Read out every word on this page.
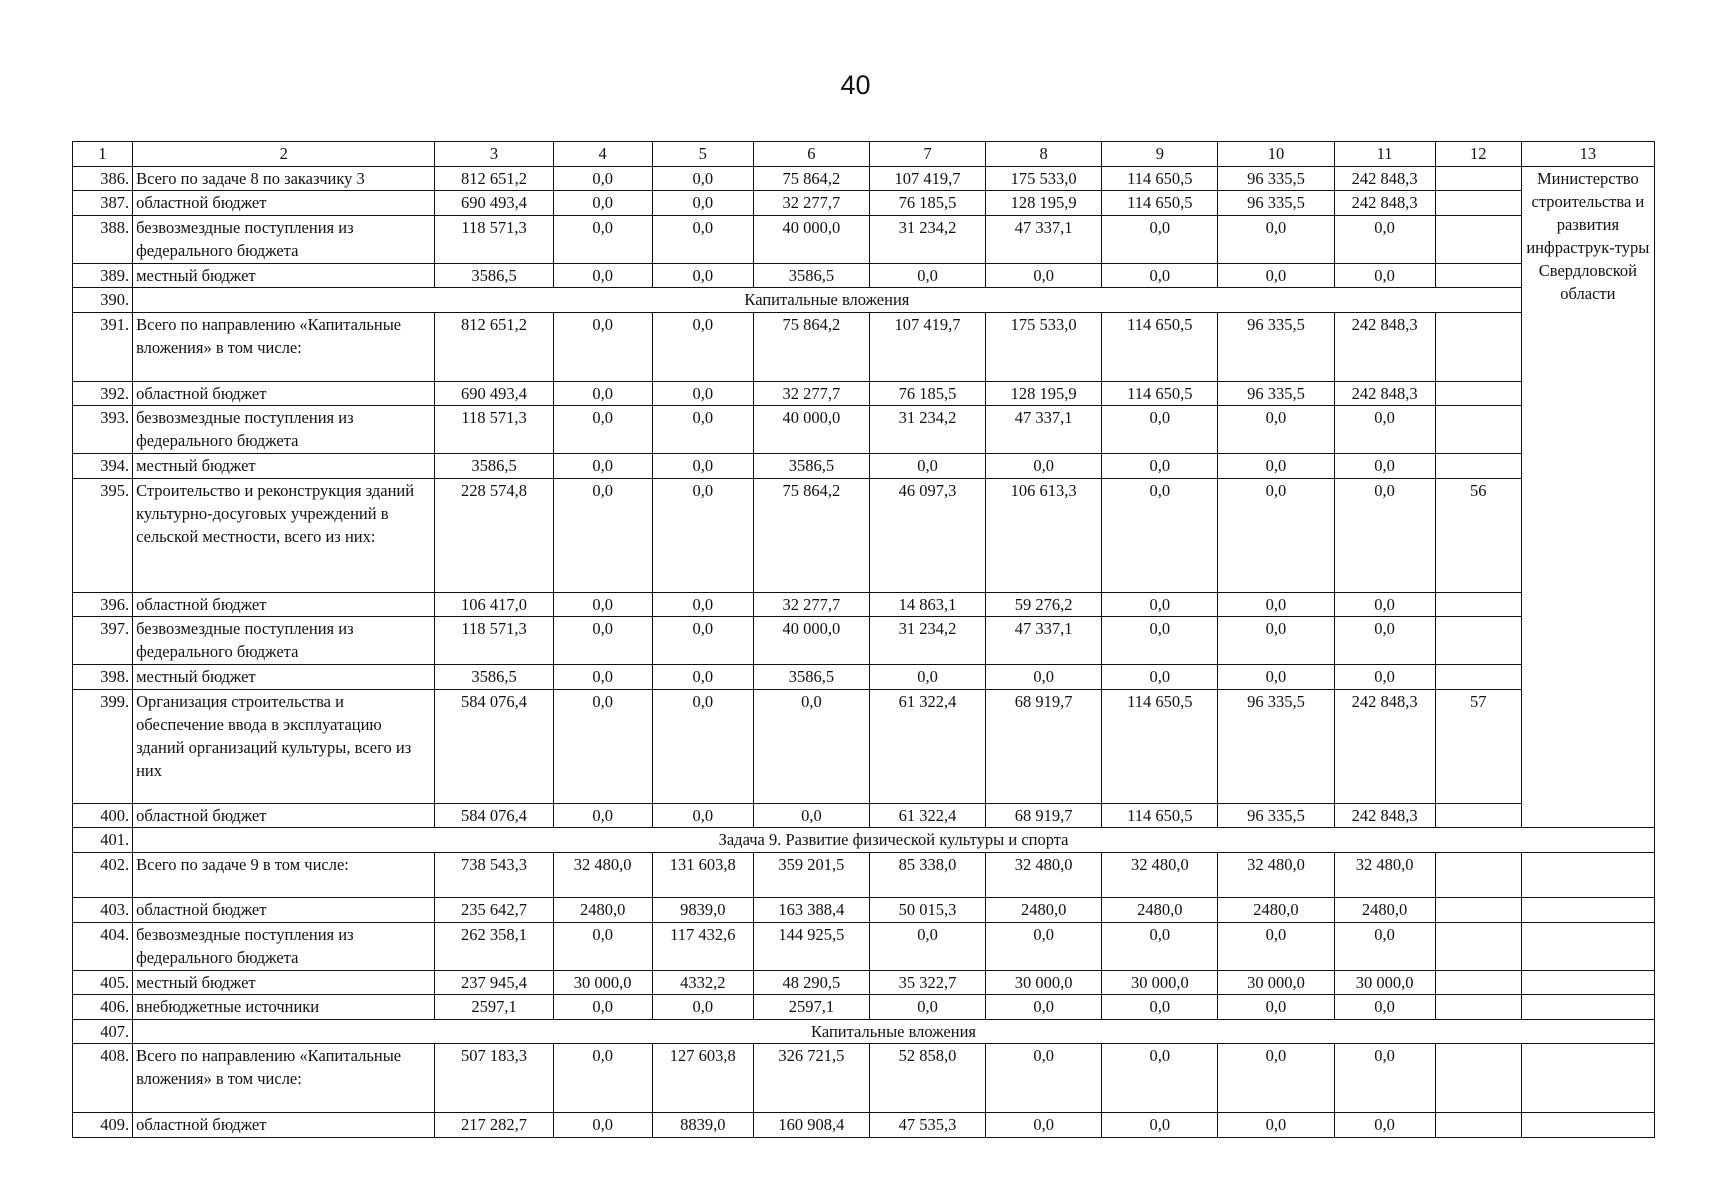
40
1	2	3	4	5	6	7	8	9	10	11	12	13
386.	Всего по задаче 8 по заказчику 3	812 651,2	0,0	0,0	75 864,2	107 419,7	175 533,0	114 650,5	96 335,5	242 848,3		Министерство строительства и развития инфраструк-туры Свердловской области
387.	областной бюджет	690 493,4	0,0	0,0	32 277,7	76 185,5	128 195,9	114 650,5	96 335,5	242 848,3		
388.	безвозмездные поступления из федерального бюджета	118 571,3	0,0	0,0	40 000,0	31 234,2	47 337,1	0,0	0,0	0,0		
389.	местный бюджет	3586,5	0,0	0,0	3586,5	0,0	0,0	0,0	0,0	0,0		
390.	Капитальные вложения											
391.	Всего по направлению «Капитальные вложения» в том числе:	812 651,2	0,0	0,0	75 864,2	107 419,7	175 533,0	114 650,5	96 335,5	242 848,3		
392.	областной бюджет	690 493,4	0,0	0,0	32 277,7	76 185,5	128 195,9	114 650,5	96 335,5	242 848,3		
393.	безвозмездные поступления из федерального бюджета	118 571,3	0,0	0,0	40 000,0	31 234,2	47 337,1	0,0	0,0	0,0		
394.	местный бюджет	3586,5	0,0	0,0	3586,5	0,0	0,0	0,0	0,0	0,0		
395.	Строительство и реконструкция зданий культурно-досуговых учреждений в сельской местности, всего из них:	228 574,8	0,0	0,0	75 864,2	46 097,3	106 613,3	0,0	0,0	0,0	56	
396.	областной бюджет	106 417,0	0,0	0,0	32 277,7	14 863,1	59 276,2	0,0	0,0	0,0		
397.	безвозмездные поступления из федерального бюджета	118 571,3	0,0	0,0	40 000,0	31 234,2	47 337,1	0,0	0,0	0,0		
398.	местный бюджет	3586,5	0,0	0,0	3586,5	0,0	0,0	0,0	0,0	0,0		
399.	Организация строительства и обеспечение ввода в эксплуатацию зданий организаций культуры, всего из них	584 076,4	0,0	0,0	0,0	61 322,4	68 919,7	114 650,5	96 335,5	242 848,3	57	
400.	областной бюджет	584 076,4	0,0	0,0	0,0	61 322,4	68 919,7	114 650,5	96 335,5	242 848,3		
401.	Задача 9. Развитие физической культуры и спорта											
402.	Всего по задаче 9 в том числе:	738 543,3	32 480,0	131 603,8	359 201,5	85 338,0	32 480,0	32 480,0	32 480,0	32 480,0		
403.	областной бюджет	235 642,7	2480,0	9839,0	163 388,4	50 015,3	2480,0	2480,0	2480,0	2480,0		
404.	безвозмездные поступления из федерального бюджета	262 358,1	0,0	117 432,6	144 925,5	0,0	0,0	0,0	0,0	0,0		
405.	местный бюджет	237 945,4	30 000,0	4332,2	48 290,5	35 322,7	30 000,0	30 000,0	30 000,0	30 000,0		
406.	внебюджетные источники	2597,1	0,0	0,0	2597,1	0,0	0,0	0,0	0,0	0,0		
407.	Капитальные вложения											
408.	Всего по направлению «Капитальные вложения» в том числе:	507 183,3	0,0	127 603,8	326 721,5	52 858,0	0,0	0,0	0,0	0,0		
409.	областной бюджет	217 282,7	0,0	8839,0	160 908,4	47 535,3	0,0	0,0	0,0	0,0		
